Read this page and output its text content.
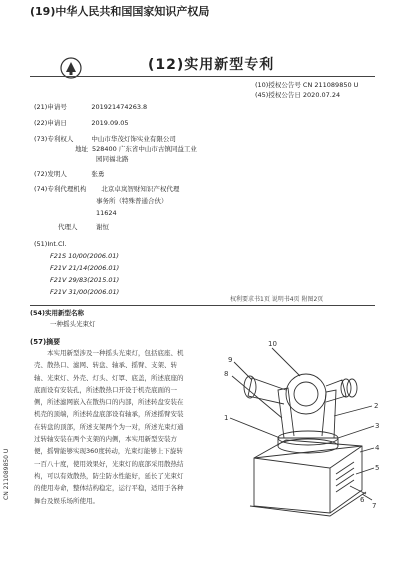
(19)中华人民共和国国家知识产权局
(12)实用新型专利
(10)授权公告号 CN 211089850 U
(45)授权公告日 2020.07.24
(21)申请号	201921474263.8
(22)申请日	2019.09.05
(73)专利权人	中山市华茂灯饰实业有限公司
地址 528400 广东省中山市古镇同益工业
园同福北路
(72)发明人	张勇
(74)专利代理机构 北京卓岚智财知识产权代理
事务所（特殊普通合伙）
11624
代理人	谢恒
(51)Int.Cl.
F21S 10/00(2006.01)
F21V 21/14(2006.01)
F21V 29/83(2015.01)
F21V 31/00(2006.01)
权利要求书1页 说明书4页 附图2页
(54)实用新型名称
一种摇头光束灯
(57)摘要
本实用新型涉及一种摇头光束灯，包括底座、机壳、散热口、滤网、转盘、轴承、摇臂、支架、转轴、光束灯、外壳、灯头、灯罩、底盖，所述底座的底面设有安装孔，所述散热口开设于机壳底面的一侧，所述滤网嵌入在散热口的内部，所述转盘安装在机壳的顶端，所述转盘底部设有轴承，所述摇臂安装在转盘的顶部，所述支架两个为一对，所述光束灯通过转轴安装在两个支架的内侧，本实用新型安装方便，摇臂能够实现360度转动，光束灯能够上下旋转一百八十度，使用效果好，光束灯的底部采用散热结构，可以有效散热，防尘防水性能好，延长了光束灯的使用寿命，整体结构稳定，运行平稳，适用于各种舞台及娱乐场所使用。
CN 211089850 U
10
9
8
1
2
3
4
5
6
7
